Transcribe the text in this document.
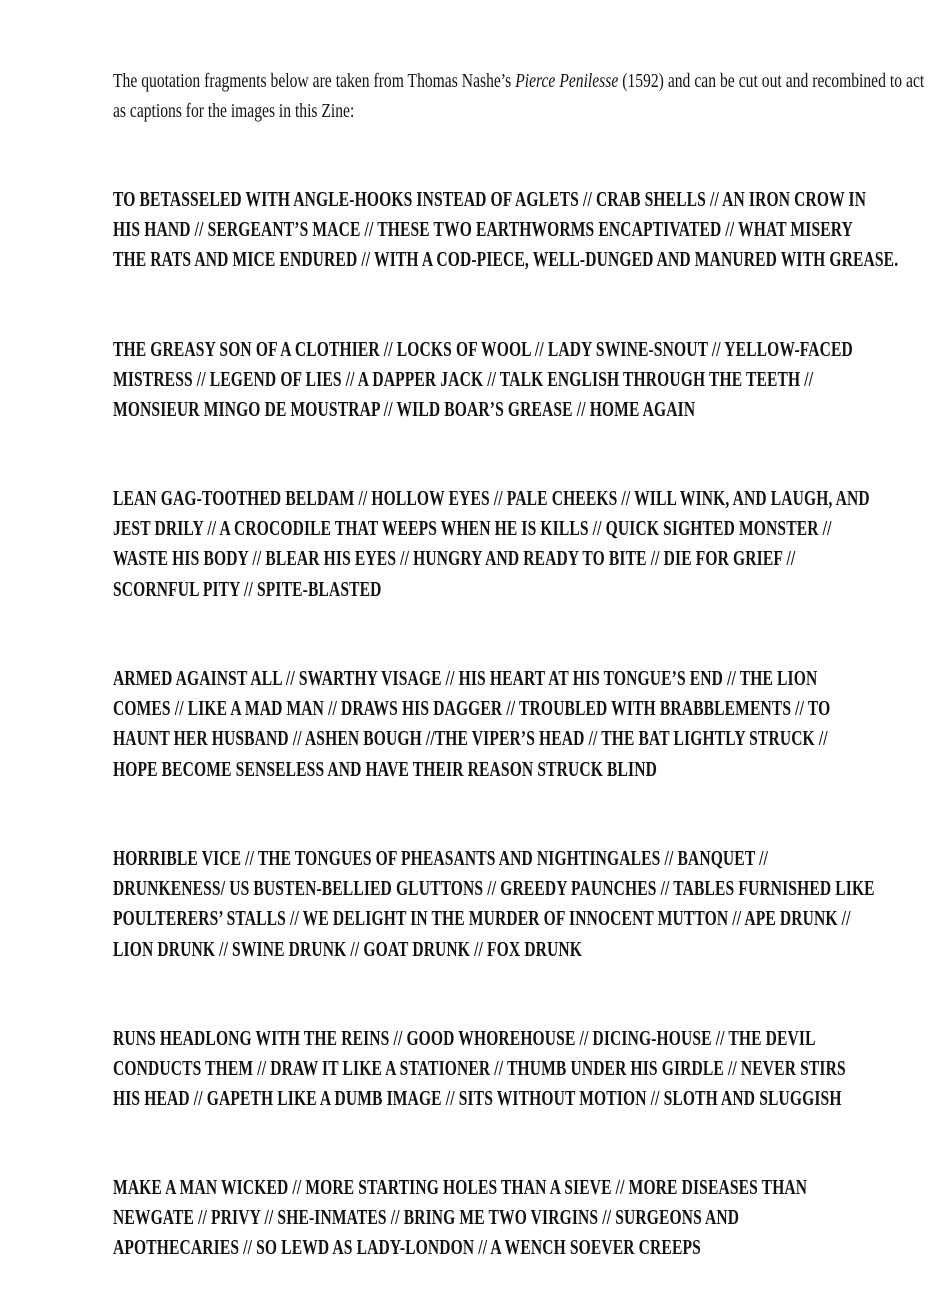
The quotation fragments below are taken from Thomas Nashe’s Pierce Penilesse (1592) and can be cut out and recombined to act as captions for the images in this Zine:

TO BETASSELED WITH ANGLE-HOOKS INSTEAD OF AGLETS // CRAB SHELLS // AN IRON CROW IN
HIS HAND // SERGEANT’S MACE // THESE TWO EARTHWORMS ENCAPTIVATED // WHAT MISERY
THE RATS AND MICE ENDURED // WITH A COD-PIECE, WELL-DUNGED AND MANURED WITH GREASE.

THE GREASY SON OF A CLOTHIER // LOCKS OF WOOL // LADY SWINE-SNOUT // YELLOW-FACED
MISTRESS // LEGEND OF LIES // A DAPPER JACK // TALK ENGLISH THROUGH THE TEETH //
MONSIEUR MINGO DE MOUSTRAP // WILD BOAR’S GREASE // HOME AGAIN

LEAN GAG-TOOTHED BELDAM // HOLLOW EYES // PALE CHEEKS // WILL WINK, AND LAUGH, AND
JEST DRILY // A CROCODILE THAT WEEPS WHEN HE IS KILLS // QUICK SIGHTED MONSTER //
WASTE HIS BODY // BLEAR HIS EYES // HUNGRY AND READY TO BITE // DIE FOR GRIEF //
SCORNFUL PITY // SPITE-BLASTED

ARMED AGAINST ALL // SWARTHY VISAGE // HIS HEART AT HIS TONGUE’S END // THE LION
COMES // LIKE A MAD MAN // DRAWS HIS DAGGER // TROUBLED WITH BRABBLEMENTS // TO
HAUNT HER HUSBAND // ASHEN BOUGH //THE VIPER’S HEAD // THE BAT LIGHTLY STRUCK //
HOPE BECOME SENSELESS AND HAVE THEIR REASON STRUCK BLIND

HORRIBLE VICE // THE TONGUES OF PHEASANTS AND NIGHTINGALES // BANQUET //
DRUNKENESS/ US BUSTEN-BELLIED GLUTTONS // GREEDY PAUNCHES // TABLES FURNISHED LIKE
POULTERERS’ STALLS // WE DELIGHT IN THE MURDER OF INNOCENT MUTTON // APE DRUNK //
LION DRUNK // SWINE DRUNK // GOAT DRUNK // FOX DRUNK

RUNS HEADLONG WITH THE REINS // GOOD WHOREHOUSE // DICING-HOUSE // THE DEVIL
CONDUCTS THEM // DRAW IT LIKE A STATIONER // THUMB UNDER HIS GIRDLE // NEVER STIRS
HIS HEAD // GAPETH LIKE A DUMB IMAGE // SITS WITHOUT MOTION // SLOTH AND SLUGGISH

MAKE A MAN WICKED // MORE STARTING HOLES THAN A SIEVE // MORE DISEASES THAN
NEWGATE // PRIVY // SHE-INMATES // BRING ME TWO VIRGINS // SURGEONS AND
APOTHECARIES // SO LEWD AS LADY-LONDON // A WENCH SOEVER CREEPS
